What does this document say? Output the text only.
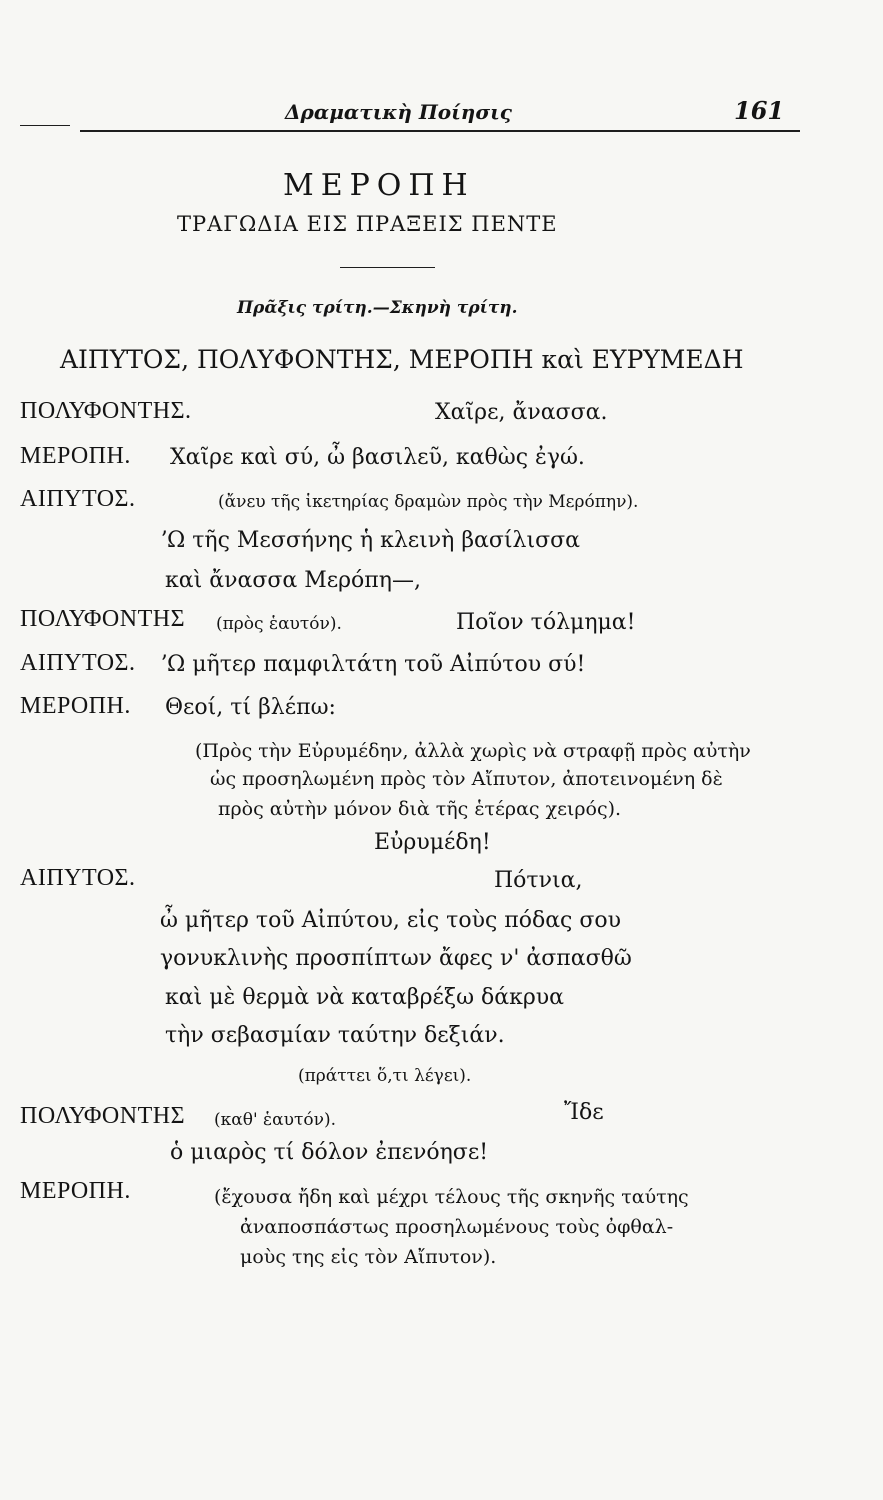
Δραματικὴ Ποίησις	161
ΜΕΡΟΠΗ
ΤΡΑΓΩΔΙΑ ΕΙΣ ΠΡΑΞΕΙΣ ΠΕΝΤΕ
Πρᾶξις τρίτη.—Σκηνὴ τρίτη.
ΑΙΠΥΤΟΣ, ΠΟΛΥΦΟΝΤΗΣ, ΜΕΡΟΠΗ καὶ ΕΥΡΥΜΕΔΗ
ΠΟΛΥΦΟΝΤΗΣ.	Χαῖρε, ἄνασσα.
ΜΕΡΟΠΗ. Χαῖρε καὶ σύ, ὦ βασιλεῦ, καθὼς ἐγώ.
ΑΙΠΥΤΟΣ.	(ἄνευ τῆς ἱκετηρίας δραμὼν πρὸς τὴν Μερόπην).
ʼΩ τῆς Μεσσήνης ἡ κλεινὴ βασίλισσα
καὶ ἄνασσα Μερόπη—,
ΠΟΛΥΦΟΝΤΗΣ (πρὸς ἑαυτόν).	Ποῖον τόλμημα!
ΑΙΠΥΤΟΣ. ʼΩ μῆτερ παμφιλτάτη τοῦ Αἰπύτου σύ!
ΜΕΡΟΠΗ. Θεοί, τί βλέπω:
(Πρὸς τὴν Εὐρυμέδην, ἀλλὰ χωρὶς νὰ στραφῇ πρὸς αὐτὴν
ὡς προσηλωμένη πρὸς τὸν Αἴπυτον, ἀποτεινομένη δὲ
πρὸς αὐτὴν μόνον διὰ τῆς ἑτέρας χειρός).
Εὐρυμέδη!
ΑΙΠΥΤΟΣ.	Πότνια,
ὦ μῆτερ τοῦ Αἰπύτου, εἰς τοὺς πόδας σου
γονυκλινὴς προσπίπτων ἄφες ν' ἀσπασθῶ
καὶ μὲ θερμὰ νὰ καταβρέξω δάκρυα
τὴν σεβασμίαν ταύτην δεξιάν.
(πράττει ὅ,τι λέγει).
ΠΟΛΥΦΟΝΤΗΣ (καθ' ἑαυτόν).	Ἴδε
ὁ μιαρὸς τί δόλον ἐπενόησε!
ΜΕΡΟΠΗ.	(ἔχουσα ἤδη καὶ μέχρι τέλους τῆς σκηνῆς ταύτης
ἀναποσπάστως προσηλωμένους τοὺς ὀφθαλ-
μοὺς της εἰς τὸν Αἴπυτον).
